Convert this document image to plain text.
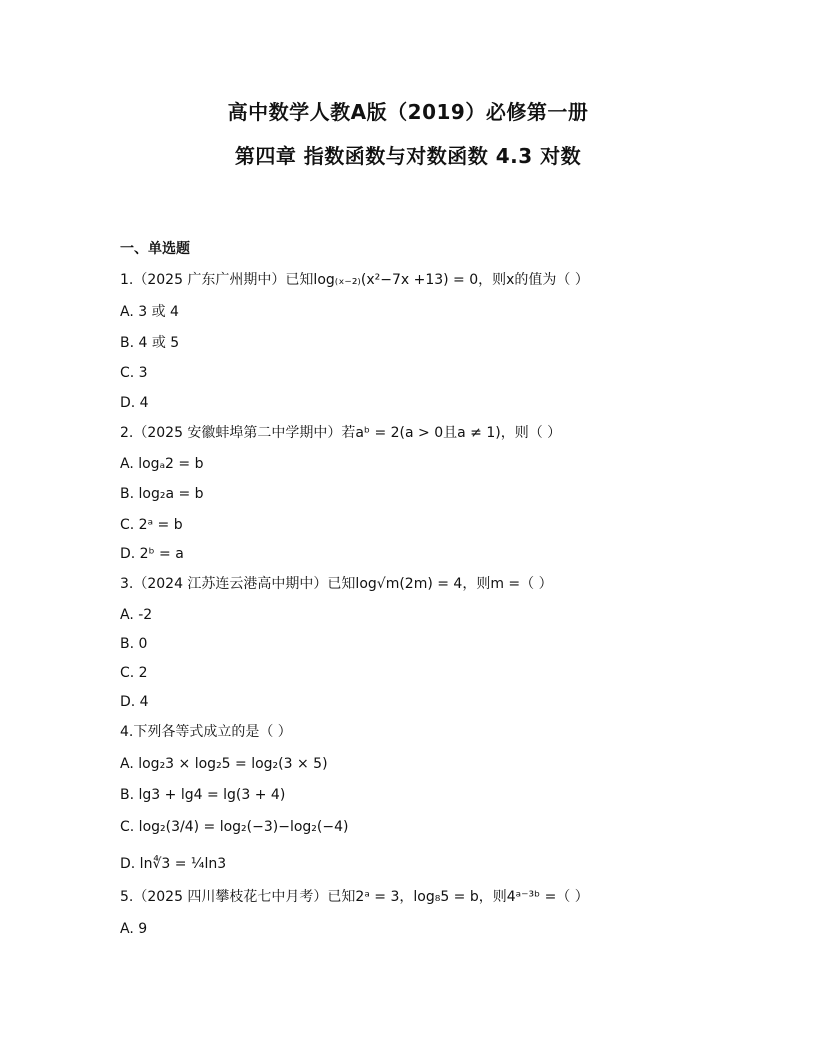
高中数学人教A版（2019）必修第一册
第四章 指数函数与对数函数 4.3 对数
一、单选题
1.（2025 广东广州期中）已知log₍ₓ₋₂₎(x²−7x +13) = 0，则x的值为（ ）
A. 3 或 4
B. 4 或 5
C. 3
D. 4
2.（2025 安徽蚌埠第二中学期中）若aᵇ = 2(a > 0且a ≠ 1)，则（ ）
A. logₐ2 = b
B. log₂a = b
C. 2ᵃ = b
D. 2ᵇ = a
3.（2024 江苏连云港高中期中）已知log√m(2m) = 4，则m =（ ）
A. -2
B. 0
C. 2
D. 4
4.下列各等式成立的是（ ）
A. log₂3 × log₂5 = log₂(3 × 5)
B. lg3 + lg4 = lg(3 + 4)
C. log₂(3/4) = log₂(−3)−log₂(−4)
D. ln∜3 = ¼ln3
5.（2025 四川攀枝花七中月考）已知2ᵃ = 3，log₈5 = b，则4ᵃ⁻³ᵇ =（ ）
A. 9
